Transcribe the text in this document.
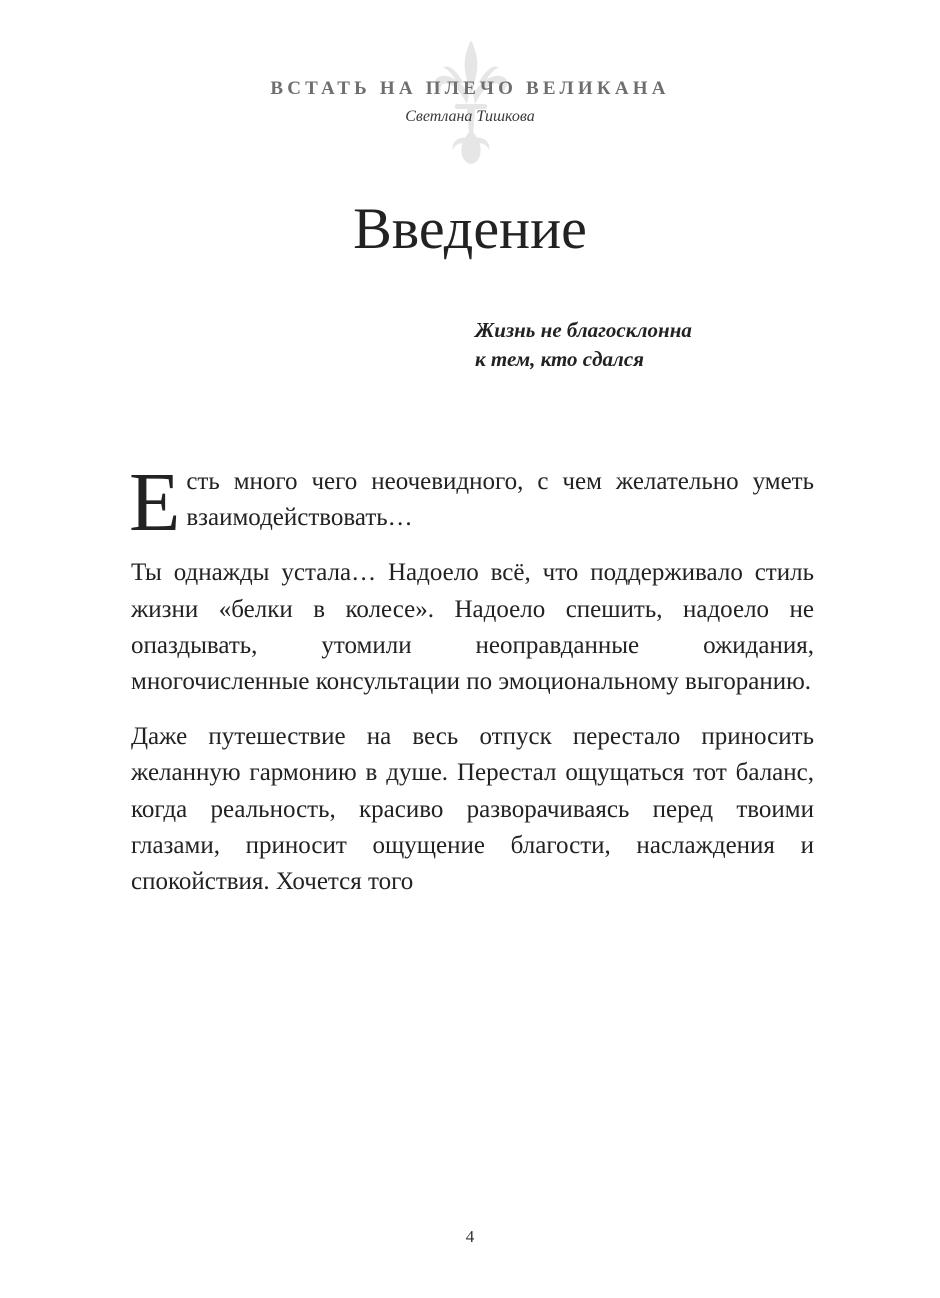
ВСТАТЬ НА ПЛЕЧО ВЕЛИКАНА
Светлана Тишкова
Введение
Жизнь не благосклонна
к тем, кто сдался

Есть много чего неочевидного, с чем желательно уметь взаимодействовать…

Ты однажды устала… Надоело всё, что поддерживало стиль жизни «белки в колесе». Надоело спешить, надоело не опаздывать, утомили неоправданные ожидания, многочисленные консультации по эмоциональному выгоранию.

Даже путешествие на весь отпуск перестало приносить желанную гармонию в душе. Перестал ощущаться тот баланс, когда реальность, красиво разворачиваясь перед твоими глазами, приносит ощущение благости, наслаждения и спокойствия. Хочется того

4
